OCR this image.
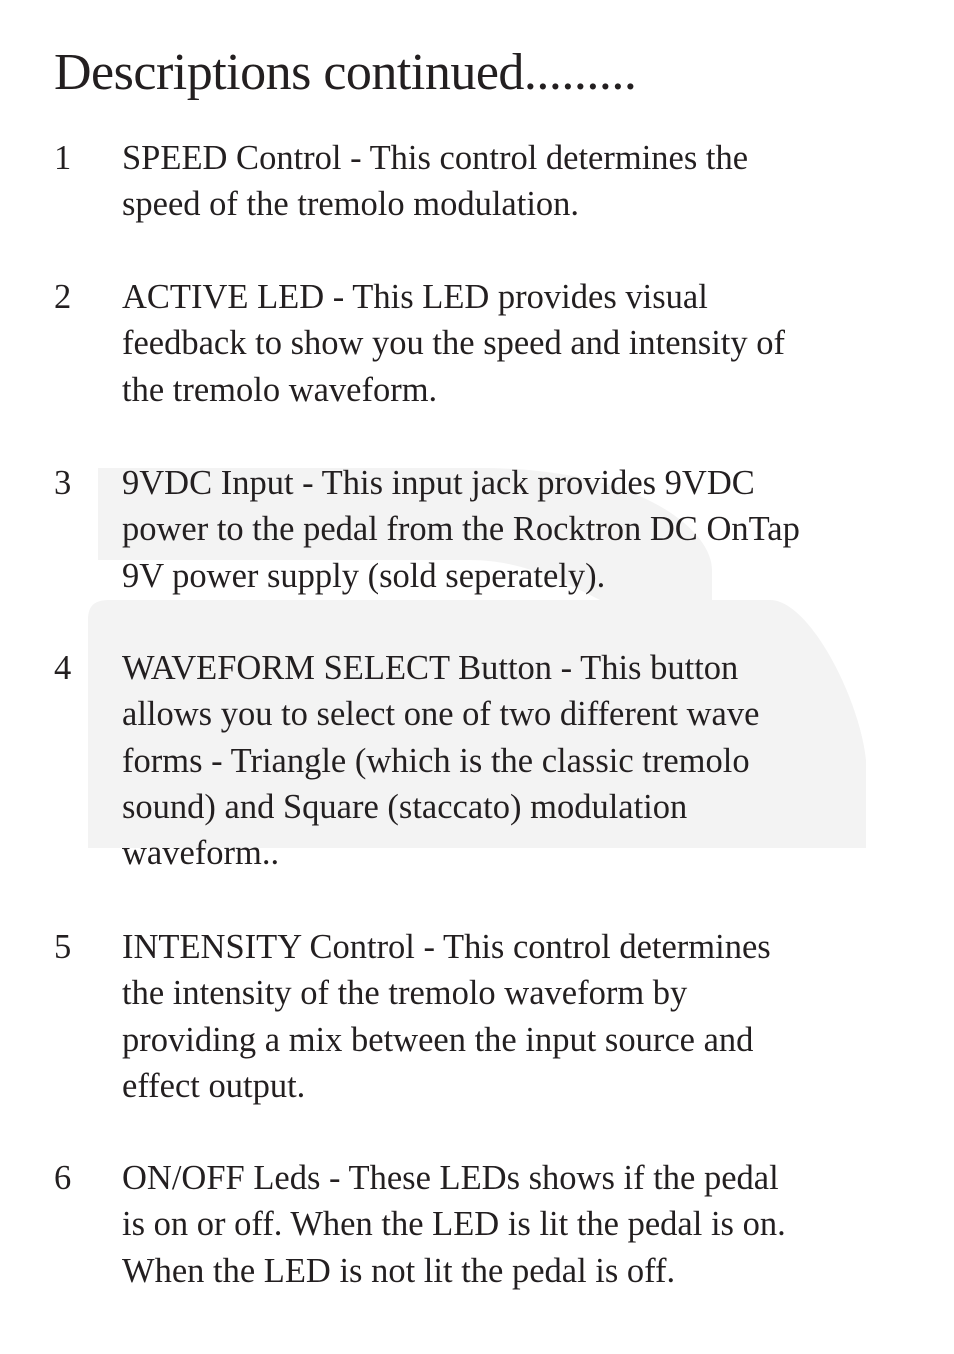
Descriptions continued.........
1 SPEED Control - This control determines the
speed of the tremolo modulation.

2 ACTIVE LED - This LED provides visual
feedback to show you the speed and intensity of
the tremolo waveform.

3 9VDC Input - This input jack provides 9VDC
power to the pedal from the Rocktron DC OnTap
9V power supply (sold seperately).

4 WAVEFORM SELECT Button - This button
allows you to select one of two different wave
forms - Triangle (which is the classic tremolo
sound) and Square (staccato) modulation
waveform..

5 INTENSITY Control - This control determines
the intensity of the tremolo waveform by
providing a mix between the input source and
effect output.

6 ON/OFF Leds - These LEDs shows if the pedal
is on or off. When the LED is lit the pedal is on.
When the LED is not lit the pedal is off.
